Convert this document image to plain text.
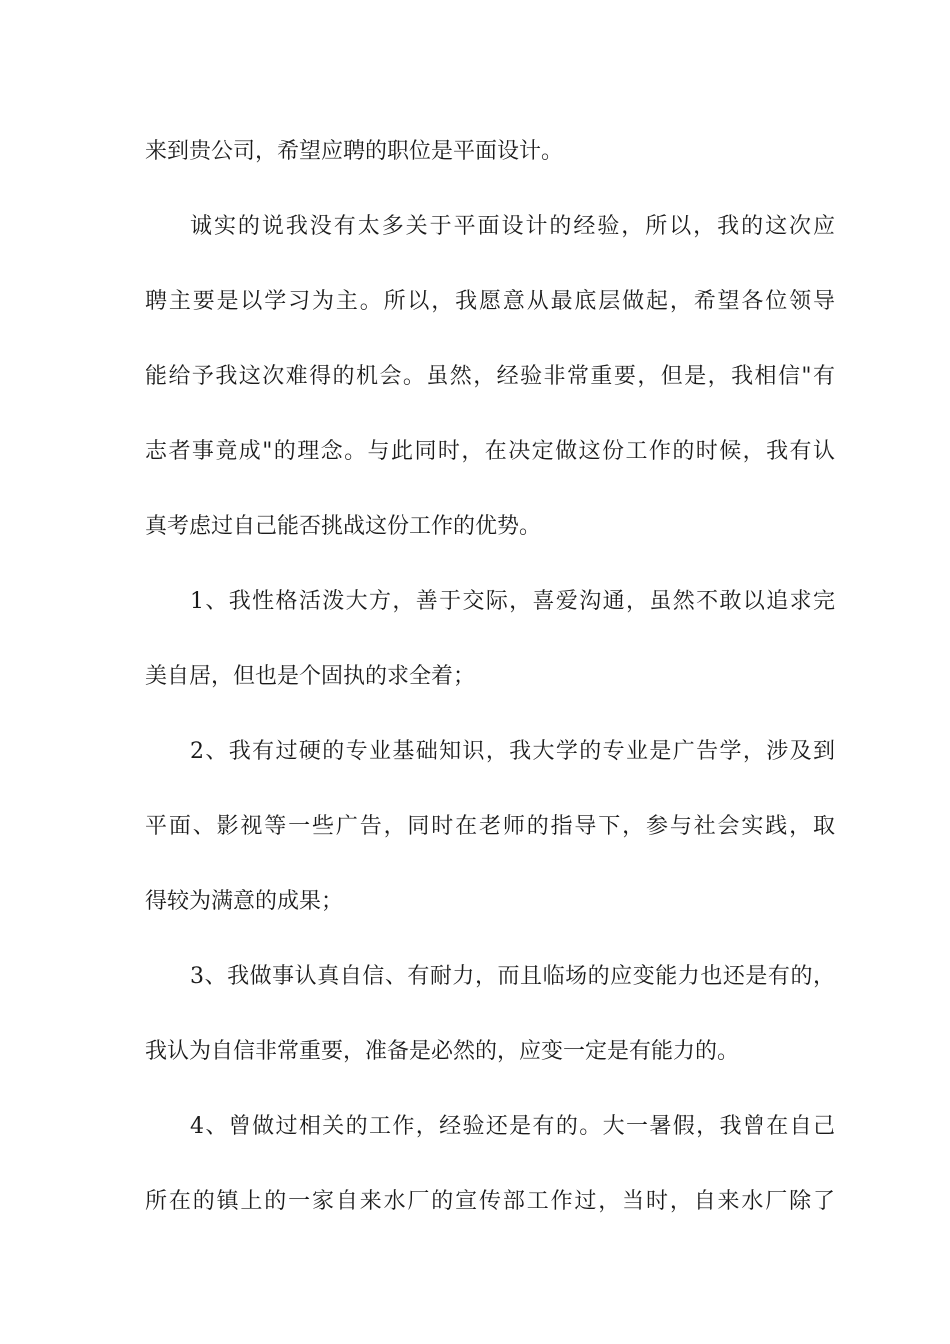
来到贵公司，希望应聘的职位是平面设计。
诚实的说我没有太多关于平面设计的经验，所以，我的这次应
聘主要是以学习为主。所以，我愿意从最底层做起，希望各位领导
能给予我这次难得的机会。虽然，经验非常重要，但是，我相信"有
志者事竟成"的理念。与此同时，在决定做这份工作的时候，我有认
真考虑过自己能否挑战这份工作的优势。
1、我性格活泼大方，善于交际，喜爱沟通，虽然不敢以追求完
美自居，但也是个固执的求全着；
2、我有过硬的专业基础知识，我大学的专业是广告学，涉及到
平面、影视等一些广告，同时在老师的指导下，参与社会实践，取
得较为满意的成果；
3、我做事认真自信、有耐力，而且临场的应变能力也还是有的，
我认为自信非常重要，准备是必然的，应变一定是有能力的。
4、曾做过相关的工作，经验还是有的。大一暑假，我曾在自己
所在的镇上的一家自来水厂的宣传部工作过，当时，自来水厂除了
